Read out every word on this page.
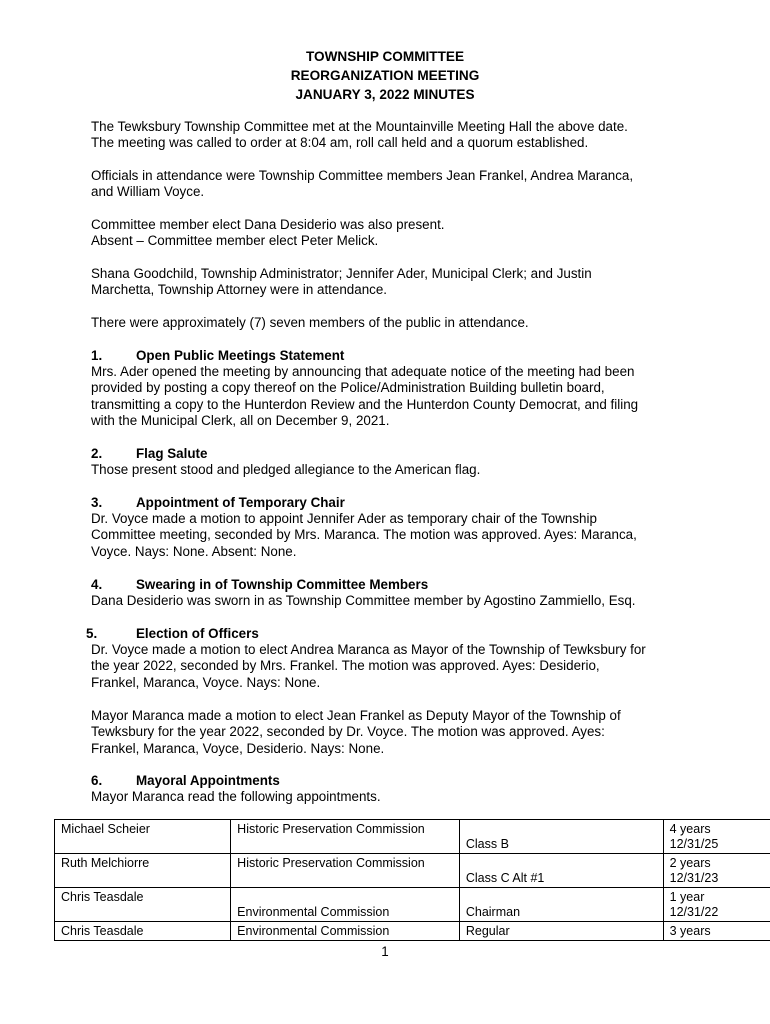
TOWNSHIP COMMITTEE
REORGANIZATION MEETING
JANUARY 3, 2022 MINUTES

The Tewksbury Township Committee met at the Mountainville Meeting Hall the above date.
The meeting was called to order at 8:04 am, roll call held and a quorum established.

Officials in attendance were Township Committee members Jean Frankel, Andrea Maranca,
and William Voyce.

Committee member elect Dana Desiderio was also present.
Absent – Committee member elect Peter Melick.

Shana Goodchild, Township Administrator; Jennifer Ader, Municipal Clerk; and Justin
Marchetta, Township Attorney were in attendance.

There were approximately (7) seven members of the public in attendance.

1.	Open Public Meetings Statement

Mrs. Ader opened the meeting by announcing that adequate notice of the meeting had been
provided by posting a copy thereof on the Police/Administration Building bulletin board,
transmitting a copy to the Hunterdon Review and the Hunterdon County Democrat, and filing
with the Municipal Clerk, all on December 9, 2021.

2.	Flag Salute

Those present stood and pledged allegiance to the American flag.

3.	Appointment of Temporary Chair

Dr. Voyce made a motion to appoint Jennifer Ader as temporary chair of the Township
Committee meeting, seconded by Mrs. Maranca. The motion was approved. Ayes: Maranca,
Voyce. Nays: None. Absent: None.

4.	Swearing in of Township Committee Members

Dana Desiderio was sworn in as Township Committee member by Agostino Zammiello, Esq.

5.	Election of Officers

Dr. Voyce made a motion to elect Andrea Maranca as Mayor of the Township of Tewksbury for
the year 2022, seconded by Mrs. Frankel. The motion was approved. Ayes: Desiderio,
Frankel, Maranca, Voyce. Nays: None.

Mayor Maranca made a motion to elect Jean Frankel as Deputy Mayor of the Township of
Tewksbury for the year 2022, seconded by Dr. Voyce. The motion was approved. Ayes:
Frankel, Maranca, Voyce, Desiderio. Nays: None.

6.	Mayoral Appointments

Mayor Maranca read the following appointments.

Michael Scheier	Historic Preservation Commission	Class B	4 years
12/31/25

Ruth Melchiorre	Historic Preservation Commission	Class C Alt #1	2 years
12/31/23

Chris Teasdale	Environmental Commission	Chairman	1 year
12/31/22

Chris Teasdale	Environmental Commission	Regular	3 years
1
